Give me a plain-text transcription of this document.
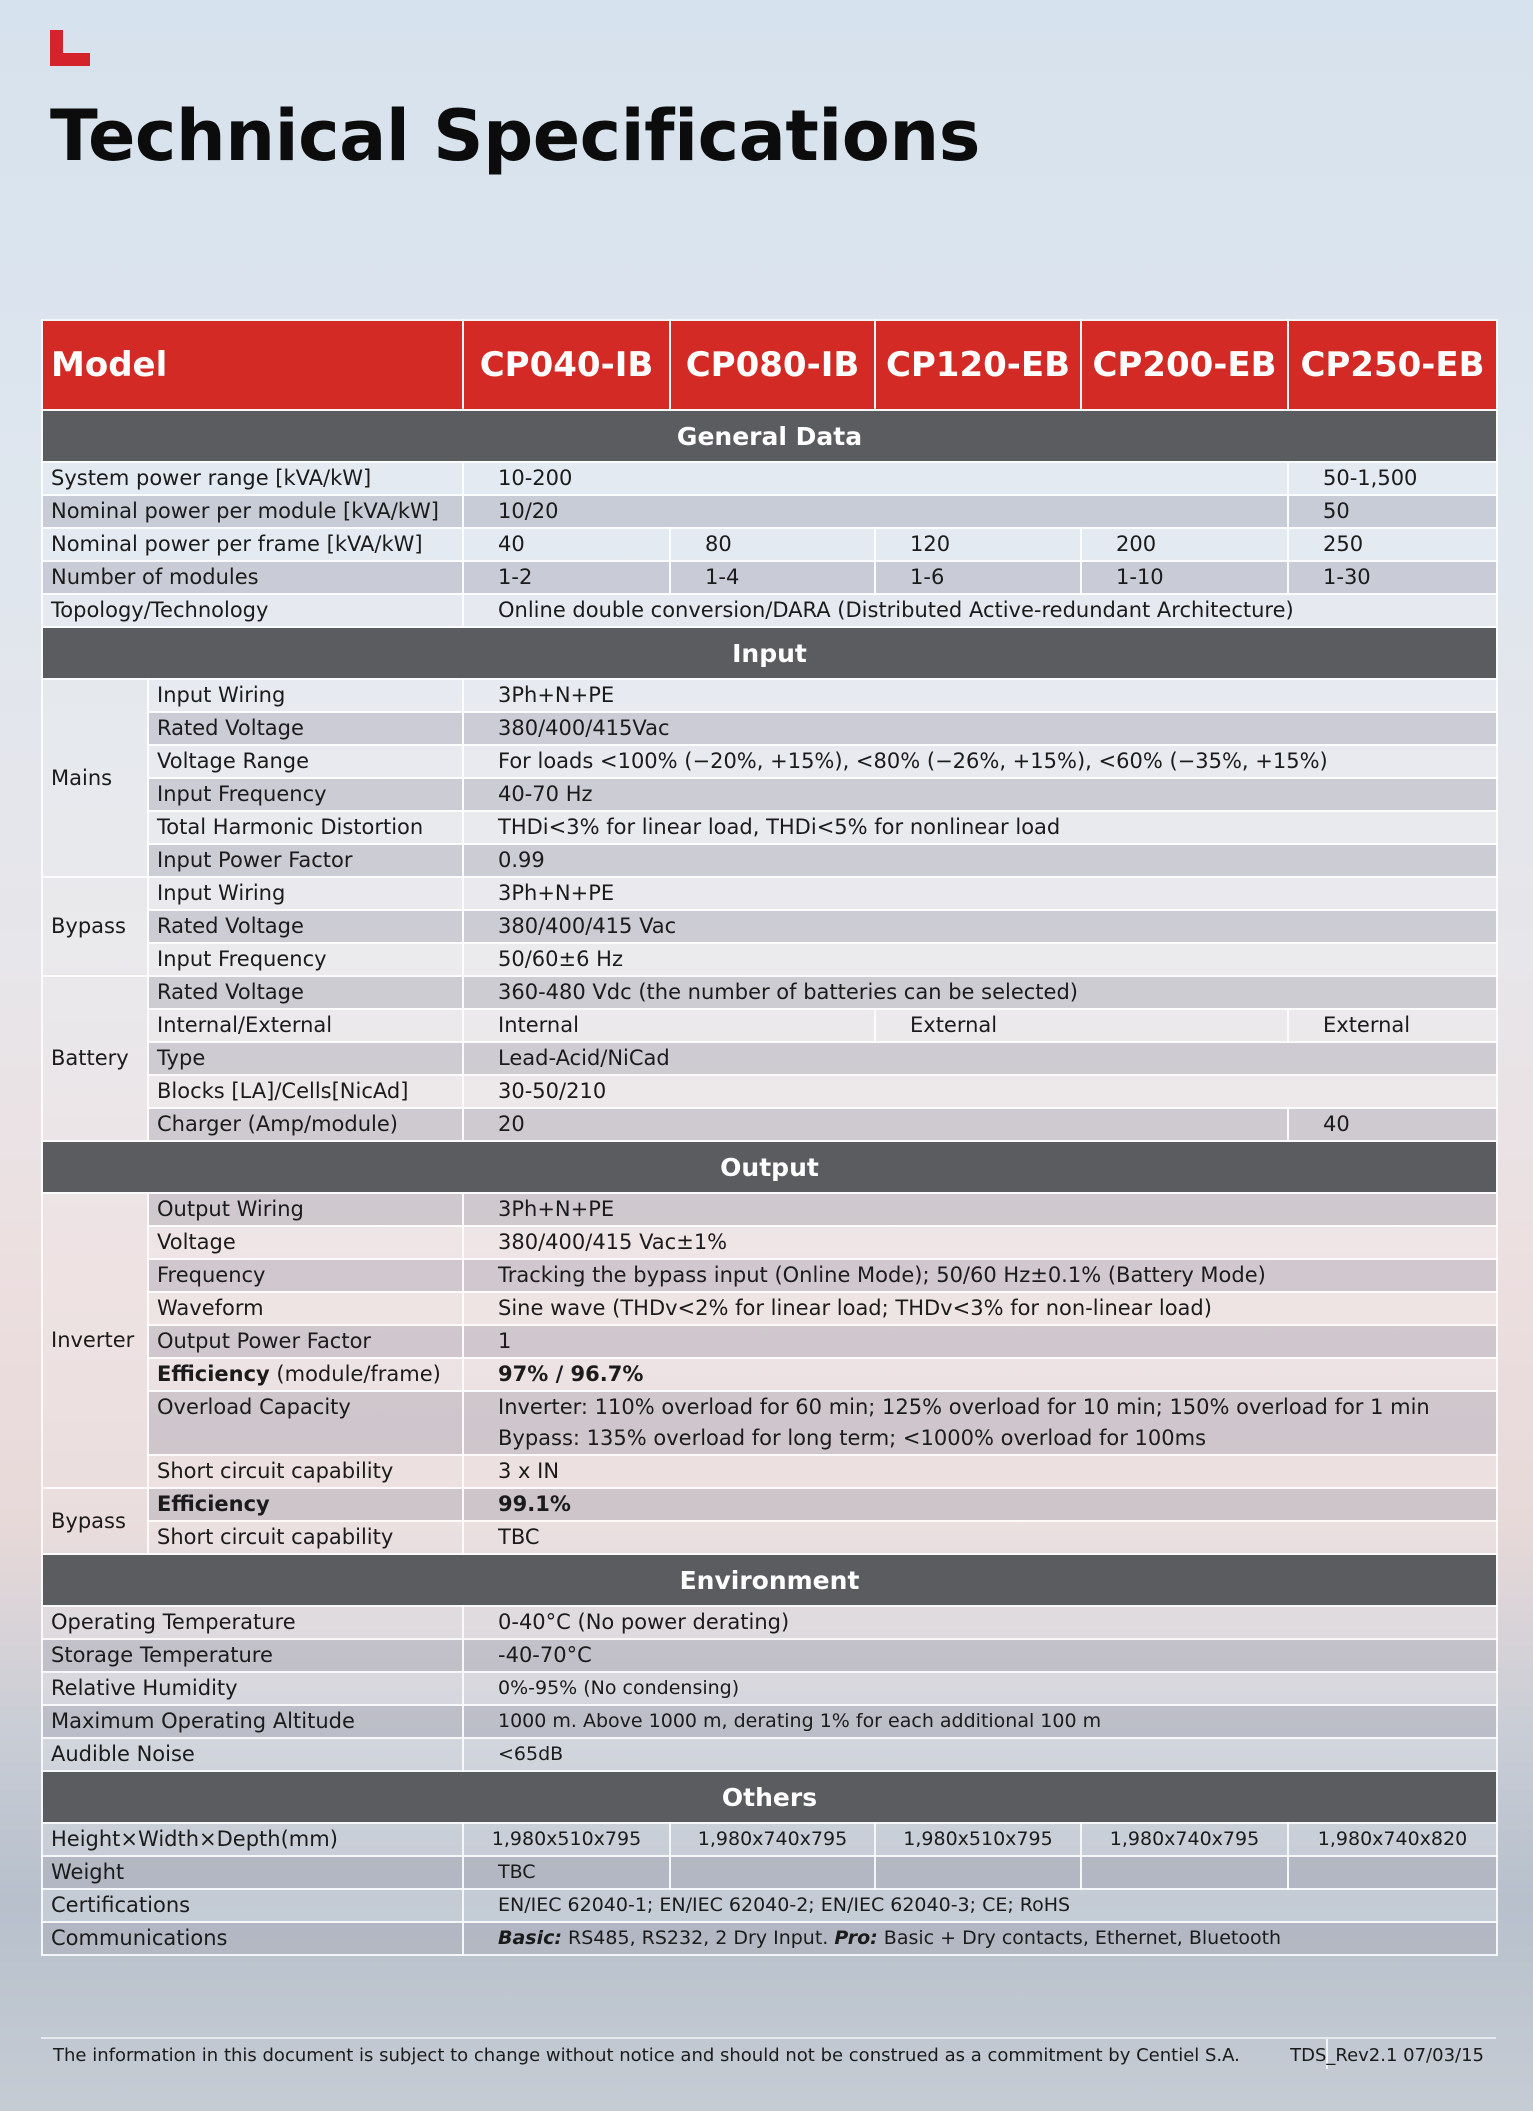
Technical Specifications
Model		CP040-IB	CP080-IB	CP120-EB	CP200-EB	CP250-EB
General Data						
System power range [kVA/kW]		10-200				50-1,500
Nominal power per module [kVA/kW]		10/20				50
Nominal power per frame [kVA/kW]		40	80	120	200	250
Number of modules		1-2	1-4	1-6	1-10	1-30
Topology/Technology		Online double conversion/DARA (Distributed Active-redundant Architecture)				
Input						
Mains	Input Wiring	3Ph+N+PE				
	Rated Voltage	380/400/415Vac				
	Voltage Range	For loads <100% (−20%, +15%), <80% (−26%, +15%), <60% (−35%, +15%)				
	Input Frequency	40-70 Hz				
	Total Harmonic Distortion	THDi<3% for linear load, THDi<5% for nonlinear load				
	Input Power Factor	0.99				
Bypass	Input Wiring	3Ph+N+PE				
	Rated Voltage	380/400/415 Vac				
	Input Frequency	50/60±6 Hz				
Battery	Rated Voltage	360-480 Vdc (the number of batteries can be selected)				
	Internal/External	Internal		External		External
	Type	Lead-Acid/NiCad				
	Blocks [LA]/Cells[NicAd]	30-50/210				
	Charger (Amp/module)	20				40
Output						
Inverter	Output Wiring	3Ph+N+PE				
	Voltage	380/400/415 Vac±1%				
	Frequency	Tracking the bypass input (Online Mode); 50/60 Hz±0.1% (Battery Mode)				
	Waveform	Sine wave (THDv<2% for linear load; THDv<3% for non-linear load)				
	Output Power Factor	1				
	Efficiency (module/frame)	97% / 96.7%				
	Overload Capacity	Inverter: 110% overload for 60 min; 125% overload for 10 min; 150% overload for 1 min
Bypass: 135% overload for long term; <1000% overload for 100ms				

	Short circuit capability	3 x IN				
Bypass	Efficiency	99.1%				
	Short circuit capability	TBC				
Environment						
Operating Temperature		0-40°C (No power derating)				
Storage Temperature		-40-70°C				
Relative Humidity		0%-95% (No condensing)				
Maximum Operating Altitude		1000 m. Above 1000 m, derating 1% for each additional 100 m				
Audible Noise		<65dB				
Others						
Height×Width×Depth(mm)		1,980x510x795	1,980x740x795	1,980x510x795	1,980x740x795	1,980x740x820
Weight		TBC				
Certifications		EN/IEC 62040-1; EN/IEC 62040-2; EN/IEC 62040-3; CE; RoHS				
Communications		Basic: RS485, RS232, 2 Dry Input. Pro: Basic + Dry contacts, Ethernet, Bluetooth				
The information in this document is subject to change without notice and should not be construed as a commitment by Centiel S.A.	TDS_Rev2.1 07/03/15
